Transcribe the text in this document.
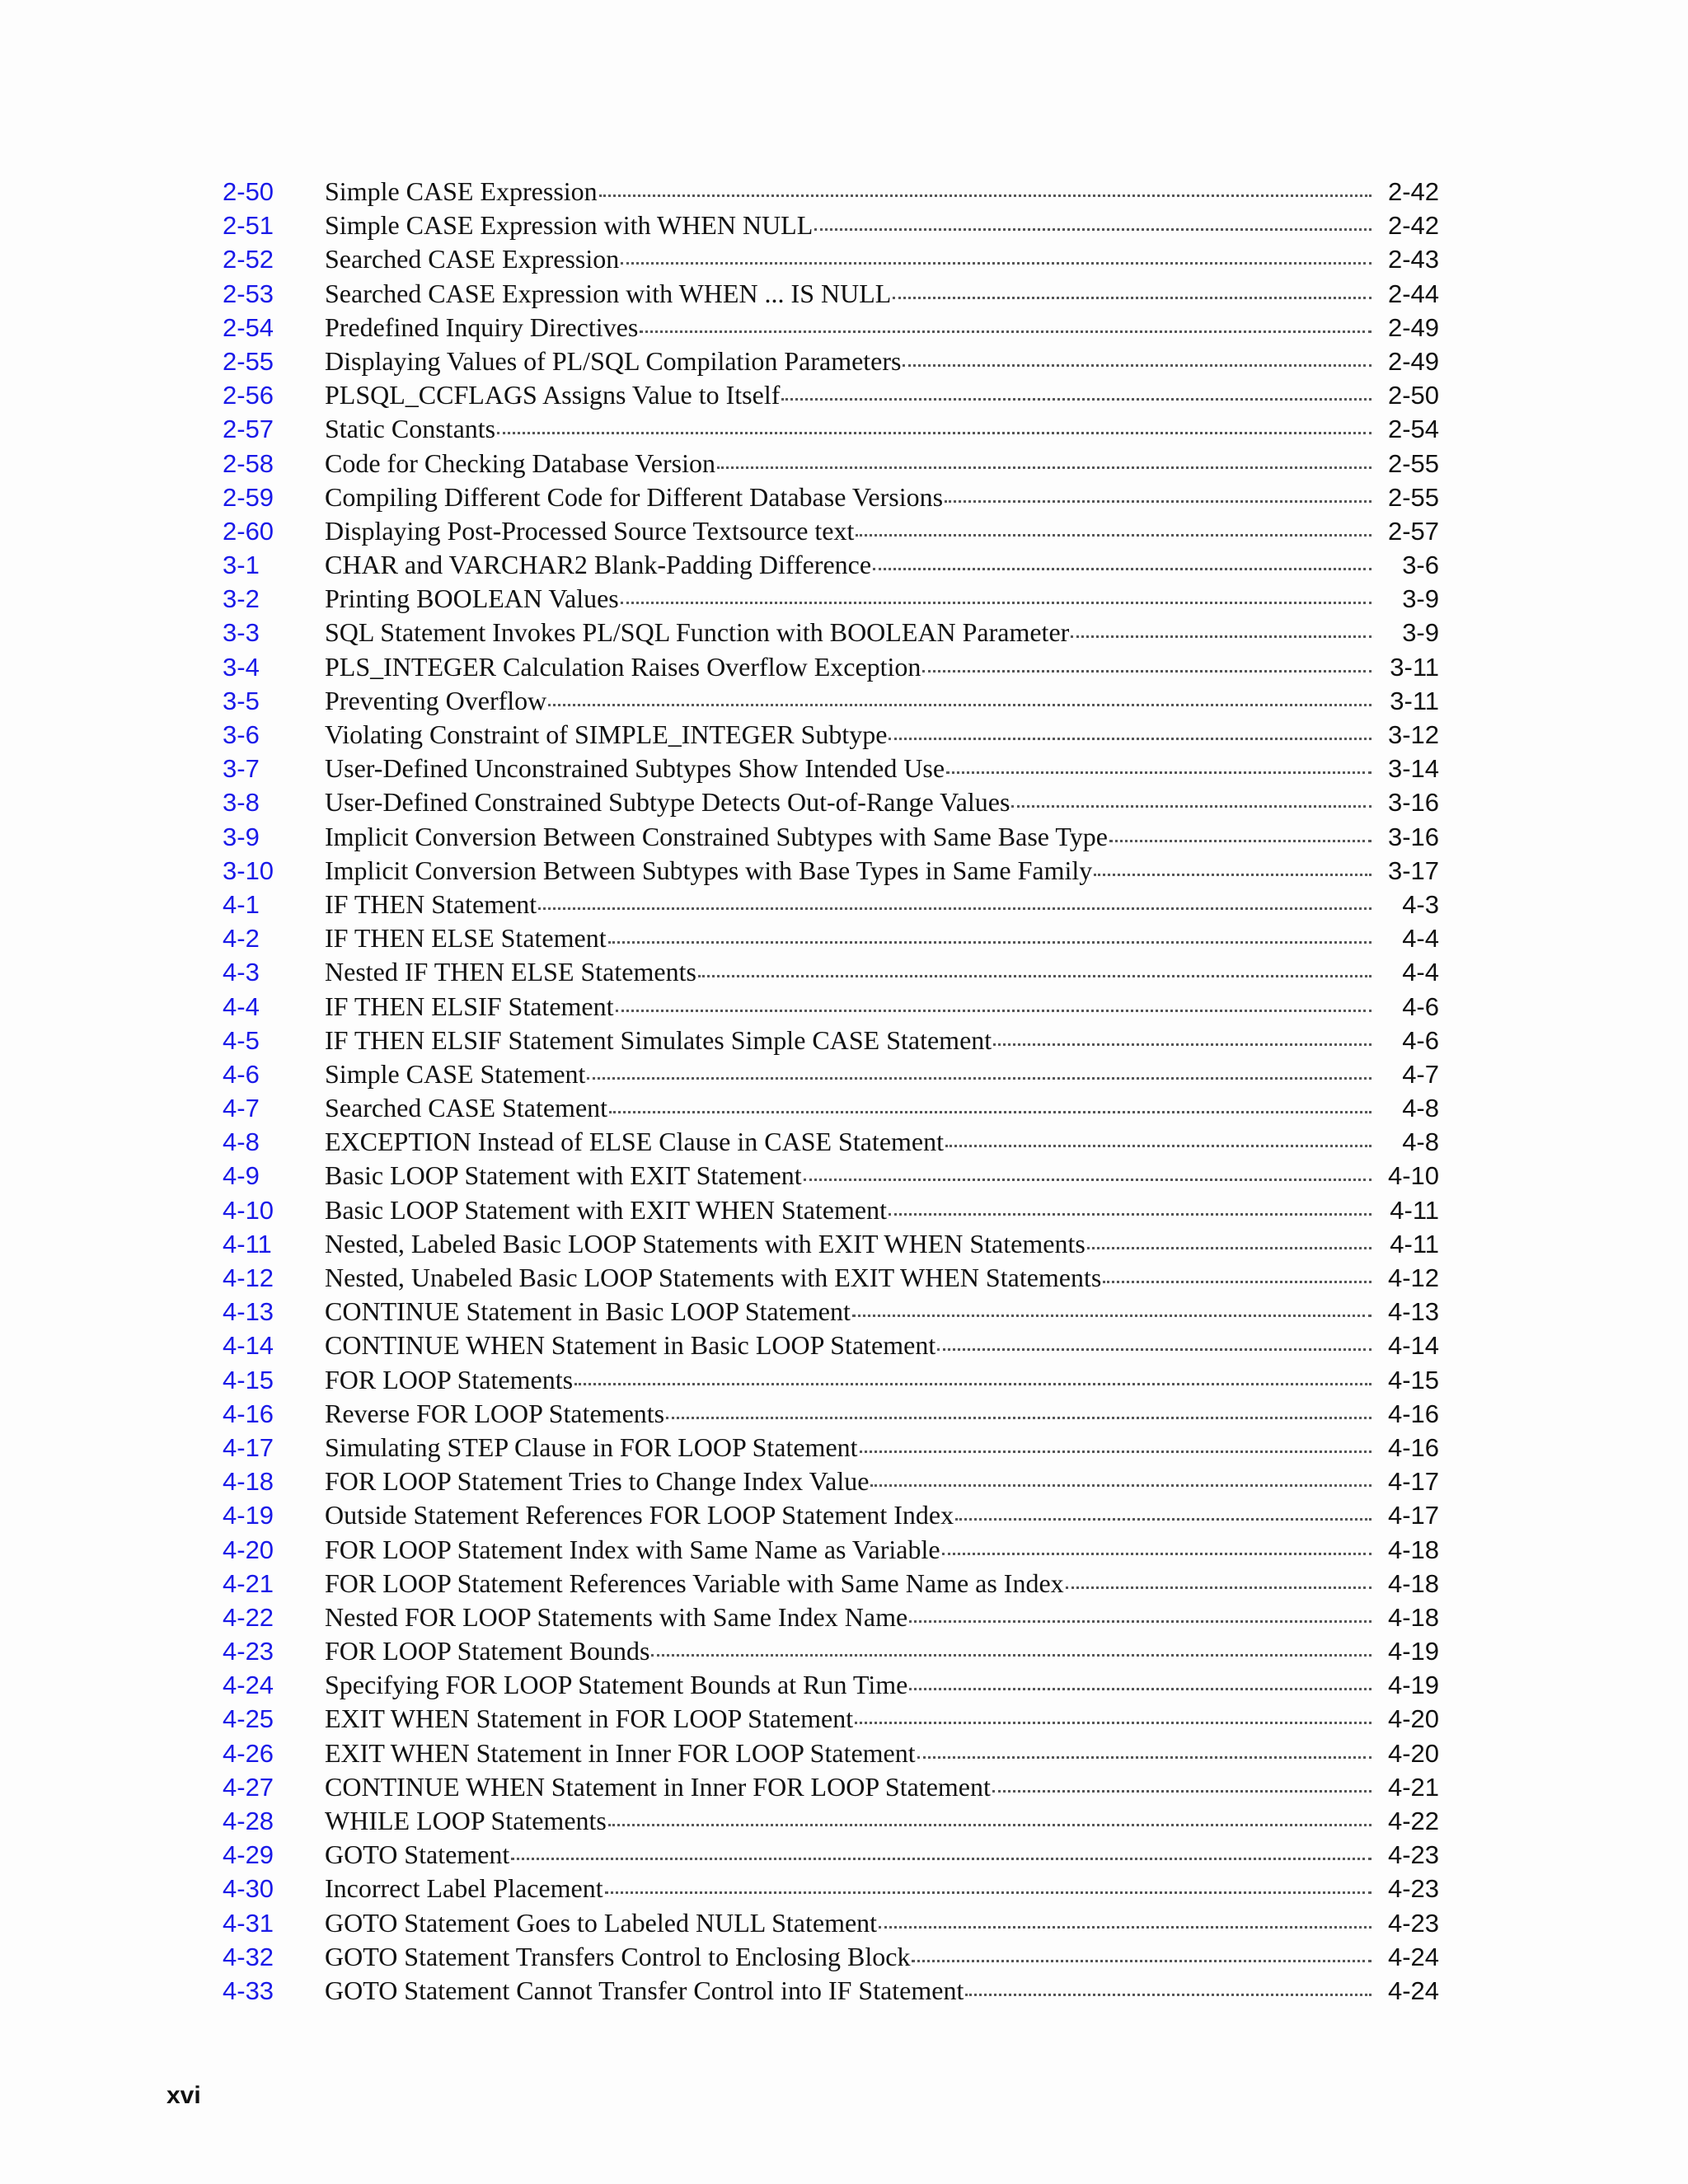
2-50	Simple CASE Expression	2-42
2-51	Simple CASE Expression with WHEN NULL	2-42
2-52	Searched CASE Expression	2-43
2-53	Searched CASE Expression with WHEN ... IS NULL	2-44
2-54	Predefined Inquiry Directives	2-49
2-55	Displaying Values of PL/SQL Compilation Parameters	2-49
2-56	PLSQL_CCFLAGS Assigns Value to Itself	2-50
2-57	Static Constants	2-54
2-58	Code for Checking Database Version	2-55
2-59	Compiling Different Code for Different Database Versions	2-55
2-60	Displaying Post-Processed Source Textsource text	2-57
3-1	CHAR and VARCHAR2 Blank-Padding Difference	3-6
3-2	Printing BOOLEAN Values	3-9
3-3	SQL Statement Invokes PL/SQL Function with BOOLEAN Parameter	3-9
3-4	PLS_INTEGER Calculation Raises Overflow Exception	3-11
3-5	Preventing Overflow	3-11
3-6	Violating Constraint of SIMPLE_INTEGER Subtype	3-12
3-7	User-Defined Unconstrained Subtypes Show Intended Use	3-14
3-8	User-Defined Constrained Subtype Detects Out-of-Range Values	3-16
3-9	Implicit Conversion Between Constrained Subtypes with Same Base Type	3-16
3-10	Implicit Conversion Between Subtypes with Base Types in Same Family	3-17
4-1	IF THEN Statement	4-3
4-2	IF THEN ELSE Statement	4-4
4-3	Nested IF THEN ELSE Statements	4-4
4-4	IF THEN ELSIF Statement	4-6
4-5	IF THEN ELSIF Statement Simulates Simple CASE Statement	4-6
4-6	Simple CASE Statement	4-7
4-7	Searched CASE Statement	4-8
4-8	EXCEPTION Instead of ELSE Clause in CASE Statement	4-8
4-9	Basic LOOP Statement with EXIT Statement	4-10
4-10	Basic LOOP Statement with EXIT WHEN Statement	4-11
4-11	Nested, Labeled Basic LOOP Statements with EXIT WHEN Statements	4-11
4-12	Nested, Unabeled Basic LOOP Statements with EXIT WHEN Statements	4-12
4-13	CONTINUE Statement in Basic LOOP Statement	4-13
4-14	CONTINUE WHEN Statement in Basic LOOP Statement	4-14
4-15	FOR LOOP Statements	4-15
4-16	Reverse FOR LOOP Statements	4-16
4-17	Simulating STEP Clause in FOR LOOP Statement	4-16
4-18	FOR LOOP Statement Tries to Change Index Value	4-17
4-19	Outside Statement References FOR LOOP Statement Index	4-17
4-20	FOR LOOP Statement Index with Same Name as Variable	4-18
4-21	FOR LOOP Statement References Variable with Same Name as Index	4-18
4-22	Nested FOR LOOP Statements with Same Index Name	4-18
4-23	FOR LOOP Statement Bounds	4-19
4-24	Specifying FOR LOOP Statement Bounds at Run Time	4-19
4-25	EXIT WHEN Statement in FOR LOOP Statement	4-20
4-26	EXIT WHEN Statement in Inner FOR LOOP Statement	4-20
4-27	CONTINUE WHEN Statement in Inner FOR LOOP Statement	4-21
4-28	WHILE LOOP Statements	4-22
4-29	GOTO Statement	4-23
4-30	Incorrect Label Placement	4-23
4-31	GOTO Statement Goes to Labeled NULL Statement	4-23
4-32	GOTO Statement Transfers Control to Enclosing Block	4-24
4-33	GOTO Statement Cannot Transfer Control into IF Statement	4-24
xvi
